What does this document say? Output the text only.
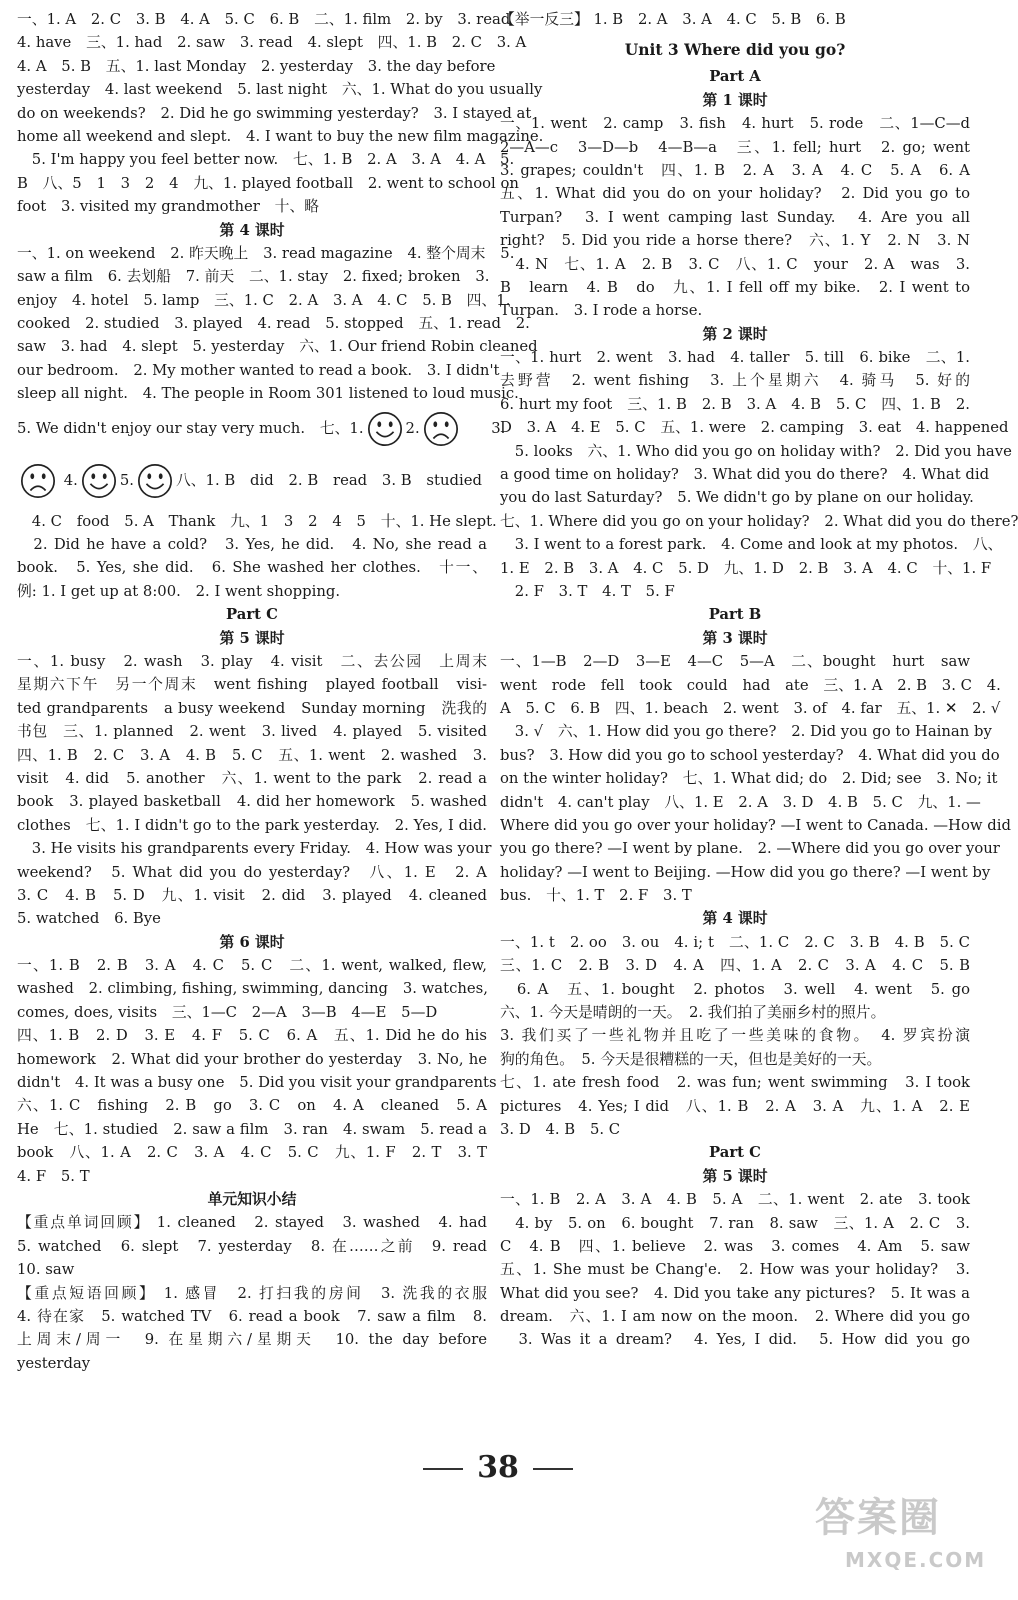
一、1. A　2. C　3. B　4. A　5. C　6. B　二、1. film　2. by　3. read
4. have　三、1. had　2. saw　3. read　4. slept　四、1. B　2. C　3. A
4. A　5. B　五、1. last Monday　2. yesterday　3. the day before
yesterday　4. last weekend　5. last night　六、1. What do you usually
do on weekends?　2. Did he go swimming yesterday?　3. I stayed at
home all weekend and slept.　4. I want to buy the new film magazine.
　5. I'm happy you feel better now.　七、1. B　2. A　3. A　4. A　5.
B　八、5　1　3　2　4　九、1. played football　2. went to school on
foot　3. visited my grandmother　十、略
第 4 课时
一、1. on weekend　2. 昨天晚上　3. read magazine　4. 整个周末　5.
saw a film　6. 去划船　7. 前天　二、1. stay　2. fixed; broken　3.
enjoy　4. hotel　5. lamp　三、1. C　2. A　3. A　4. C　5. B　四、1.
cooked　2. studied　3. played　4. read　5. stopped　五、1. read　2.
saw　3. had　4. slept　5. yesterday　六、1. Our friend Robin cleaned
our bedroom.　2. My mother wanted to read a book.　3. I didn't
sleep all night.　4. The people in Room 301 listened to loud music.
5. We didn't enjoy our stay very much.　七、1.	2.	　　3.
4.	5.	八、1. B　did　2. B　read　3. B　studied
　4. C　food　5. A　Thank　九、1　3　2　4　5　十、1. He slept.
　2. Did he have a cold?　3. Yes, he did.　4. No, she read a
book.　5. Yes, she did.　6. She washed her clothes.　十一、
例: 1. I get up at 8:00.　2. I went shopping.
Part C
第 5 课时
一、1. busy　2. wash　3. play　4. visit　二、去公园　上周末
星期六下午　另一个周末　went fishing　played football　visi-
ted grandparents　a busy weekend　Sunday morning　洗我的
书包　三、1. planned　2. went　3. lived　4. played　5. visited
四、1. B　2. C　3. A　4. B　5. C　五、1. went　2. washed　3.
visit　4. did　5. another　六、1. went to the park　2. read a
book　3. played basketball　4. did her homework　5. washed
clothes　七、1. I didn't go to the park yesterday.　2. Yes, I did.
　3. He visits his grandparents every Friday.　4. How was your
weekend?　5. What did you do yesterday?　八、1. E　2. A
3. C　4. B　5. D　九、1. visit　2. did　3. played　4. cleaned
5. watched　6. Bye
第 6 课时
一、1. B　2. B　3. A　4. C　5. C　二、1. went, walked, flew,
washed　2. climbing, fishing, swimming, dancing　3. watches,
comes, does, visits　三、1—C　2—A　3—B　4—E　5—D
四、1. B　2. D　3. E　4. F　5. C　6. A　五、1. Did he do his
homework　2. What did your brother do yesterday　3. No, he
didn't　4. It was a busy one　5. Did you visit your grandparents
六、1. C　fishing　2. B　go　3. C　on　4. A　cleaned　5. A
He　七、1. studied　2. saw a film　3. ran　4. swam　5. read a
book　八、1. A　2. C　3. A　4. C　5. C　九、1. F　2. T　3. T
4. F　5. T
单元知识小结
【重点单词回顾】 1. cleaned　2. stayed　3. washed　4. had
5. watched　6. slept　7. yesterday　8. 在……之前　9. read
10. saw
【重点短语回顾】 1. 感冒　2. 打扫我的房间　3. 洗我的衣服
4. 待在家　5. watched TV　6. read a book　7. saw a film　8.
上周末/周一　9. 在星期六/星期天　10. the day before
yesterday
【举一反三】 1. B　2. A　3. A　4. C　5. B　6. B
Unit 3 Where did you go?
Part A
第 1 课时
一、1. went　2. camp　3. fish　4. hurt　5. rode　二、1—C—d
2—A—c　3—D—b　4—B—a　三、1. fell; hurt　2. go; went
3. grapes; couldn't　四、1. B　2. A　3. A　4. C　5. A　6. A
五、1. What did you do on your holiday?　2. Did you go to
Turpan?　3. I went camping last Sunday.　4. Are you all
right?　5. Did you ride a horse there?　六、1. Y　2. N　3. N
　4. N　七、1. A　2. B　3. C　八、1. C　your　2. A　was　3.
B　learn　4. B　do　九、1. I fell off my bike.　2. I went to
Turpan.　3. I rode a horse.
第 2 课时
一、1. hurt　2. went　3. had　4. taller　5. till　6. bike　二、1.
去野营　2. went fishing　3. 上个星期六　4. 骑马　5. 好的
6. hurt my foot　三、1. B　2. B　3. A　4. B　5. C　四、1. B　2.
D　3. A　4. E　5. C　五、1. were　2. camping　3. eat　4. happened
　5. looks　六、1. Who did you go on holiday with?　2. Did you have
a good time on holiday?　3. What did you do there?　4. What did
you do last Saturday?　5. We didn't go by plane on our holiday.
七、1. Where did you go on your holiday?　2. What did you do there?
　3. I went to a forest park.　4. Come and look at my photos.　八、
1. E　2. B　3. A　4. C　5. D　九、1. D　2. B　3. A　4. C　十、1. F
　2. F　3. T　4. T　5. F
Part B
第 3 课时
一、1—B　2—D　3—E　4—C　5—A　二、bought　hurt　saw
went　rode　fell　took　could　had　ate　三、1. A　2. B　3. C　4.
A　5. C　6. B　四、1. beach　2. went　3. of　4. far　五、1. ✕　2. √
　3. √　六、1. How did you go there?　2. Did you go to Hainan by
bus?　3. How did you go to school yesterday?　4. What did you do
on the winter holiday?　七、1. What did; do　2. Did; see　3. No; it
didn't　4. can't play　八、1. E　2. A　3. D　4. B　5. C　九、1. —
Where did you go over your holiday? —I went to Canada. —How did
you go there? —I went by plane.　2. —Where did you go over your
holiday? —I went to Beijing. —How did you go there? —I went by
bus.　十、1. T　2. F　3. T
第 4 课时
一、1. t　2. oo　3. ou　4. i; t　二、1. C　2. C　3. B　4. B　5. C
三、1. C　2. B　3. D　4. A　四、1. A　2. C　3. A　4. C　5. B
　6. A　五、1. bought　2. photos　3. well　4. went　5. go
六、1. 今天是晴朗的一天。　2. 我们拍了美丽乡村的照片。
3. 我们买了一些礼物并且吃了一些美味的食物。　4. 罗宾扮演
狗的角色。　5. 今天是很糟糕的一天，但也是美好的一天。
七、1. ate fresh food　2. was fun; went swimming　3. I took
pictures　4. Yes; I did　八、1. B　2. A　3. A　九、1. A　2. E
3. D　4. B　5. C
Part C
第 5 课时
一、1. B　2. A　3. A　4. B　5. A　二、1. went　2. ate　3. took
　4. by　5. on　6. bought　7. ran　8. saw　三、1. A　2. C　3.
C　4. B　四、1. believe　2. was　3. comes　4. Am　5. saw
五、1. She must be Chang'e.　2. How was your holiday?　3.
What did you see?　4. Did you take any pictures?　5. It was a
dream.　六、1. I am now on the moon.　2. Where did you go
　3. Was it a dream?　4. Yes, I did.　5. How did you go
38
答案圈
MXQE.COM
